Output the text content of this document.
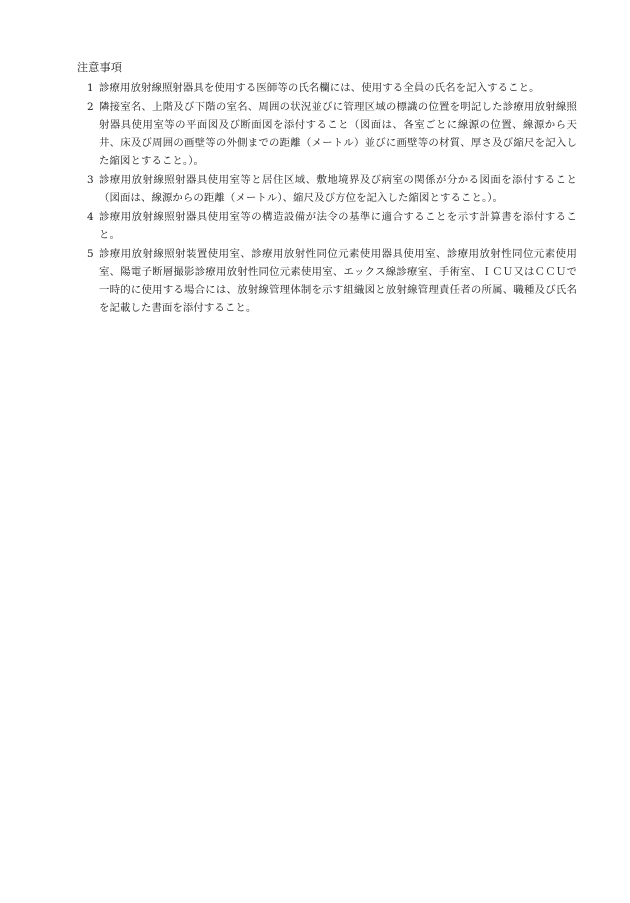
注意事項
1 診療用放射線照射器具を使用する医師等の氏名欄には、使用する全員の氏名を記入すること。
2 隣接室名、上階及び下階の室名、周囲の状況並びに管理区域の標識の位置を明記した診療用放射線照射器具使用室等の平面図及び断面図を添付すること（図面は、各室ごとに線源の位置、線源から天井、床及び周囲の画壁等の外側までの距離（メートル）並びに画壁等の材質、厚さ及び縮尺を記入した縮図とすること。）。
3 診療用放射線照射器具使用室等と居住区域、敷地境界及び病室の関係が分かる図面を添付すること（図面は、線源からの距離（メートル）、縮尺及び方位を記入した縮図とすること。）。
4 診療用放射線照射器具使用室等の構造設備が法令の基準に適合することを示す計算書を添付すること。
5 診療用放射線照射装置使用室、診療用放射性同位元素使用器具使用室、診療用放射性同位元素使用室、陽電子断層撮影診療用放射性同位元素使用室、エックス線診療室、手術室、ＩＣＵ又はＣＣＵで一時的に使用する場合には、放射線管理体制を示す組織図と放射線管理責任者の所属、職種及び氏名を記載した書面を添付すること。
